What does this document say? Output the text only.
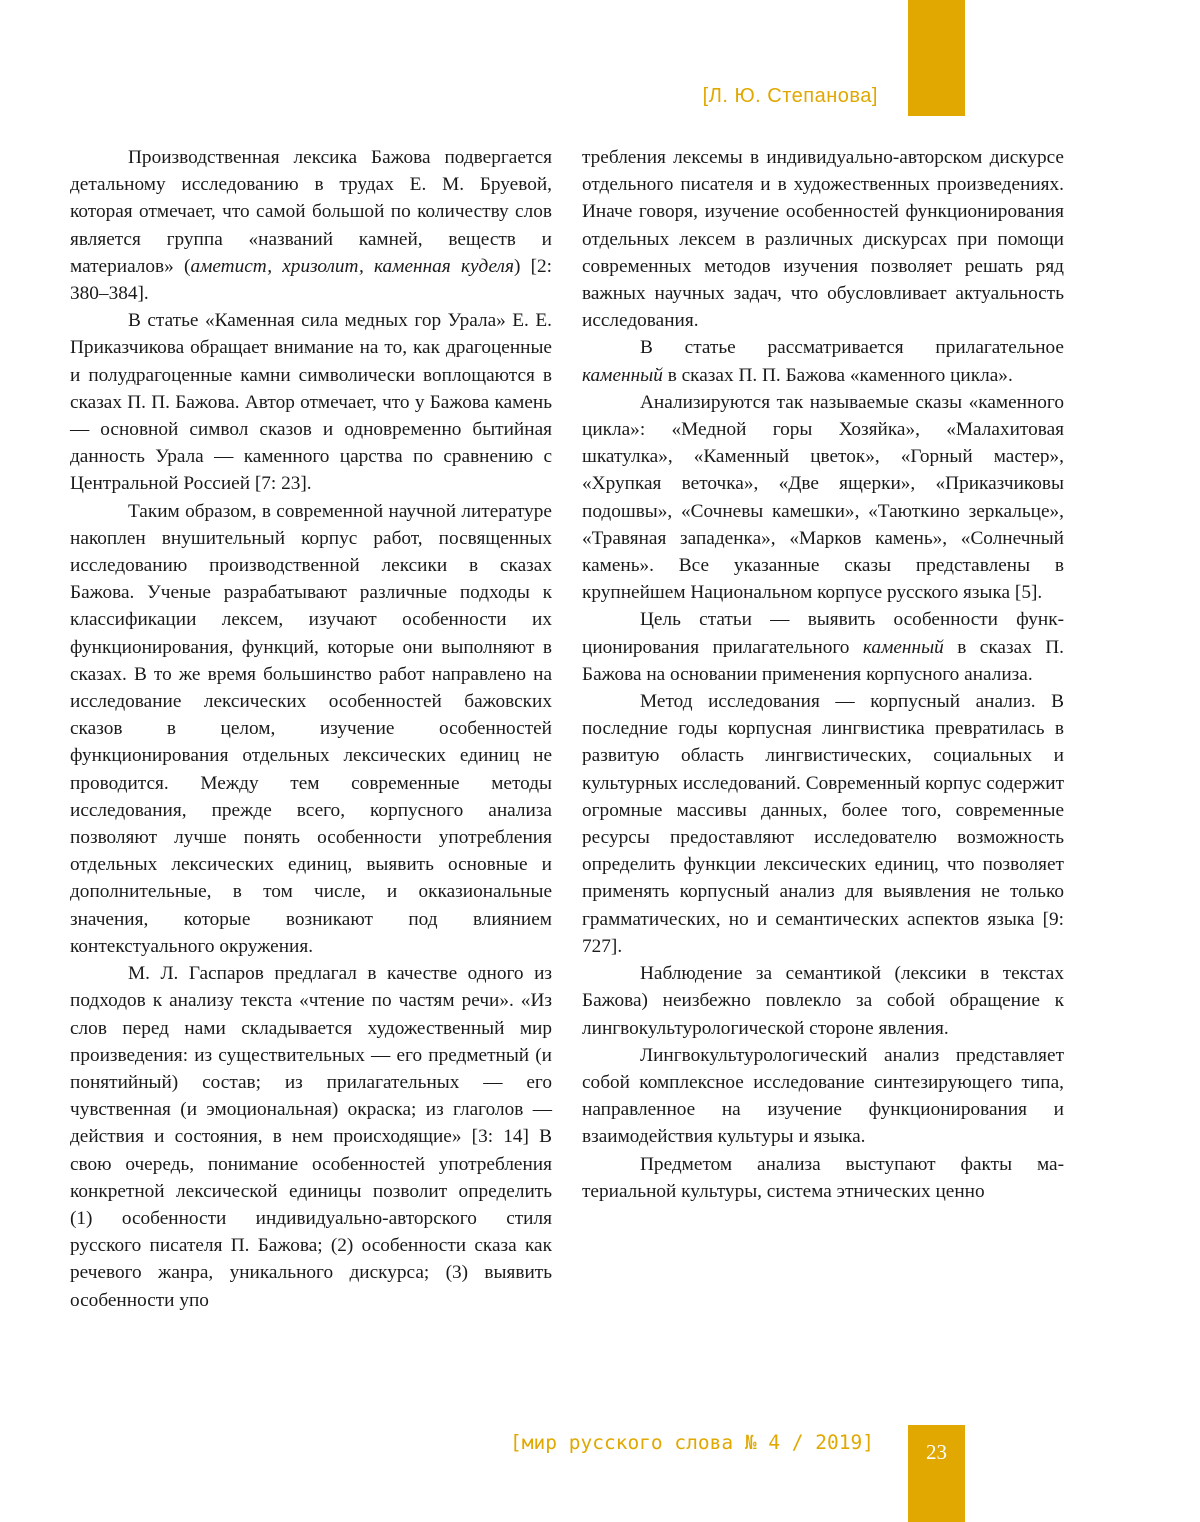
[Л. Ю. Степанова]

Производственная лексика Бажова подвергается детальному исследованию в трудах Е. М. Бруевой, которая отмечает, что самой большой по количеству слов является группа «названий камней, веществ и материалов» (аметист, хризолит, каменная куделя) [2: 380–384].

В статье «Каменная сила медных гор Урала» Е. Е. Приказчикова обращает внимание на то, как драгоценные и полудрагоценные камни символически воплощаются в сказах П. П. Бажова. Автор отмечает, что у Бажова камень — основной символ сказов и одновременно бытийная данность Урала — каменного царства по сравнению с Центральной Россией [7: 23].

Таким образом, в современной научной литературе накоплен внушительный корпус работ, посвященных исследованию производственной лексики в сказах Бажова. Ученые разрабатывают различные подходы к классификации лексем, изучают особенности их функционирования, функций, которые они выполняют в сказах. В то же время большинство работ направлено на исследование лексических особенностей бажовских сказов в целом, изучение особенностей функционирования отдельных лексических единиц не проводится. Между тем современные методы исследования, прежде всего, корпусного анализа позволяют лучше понять особенности употребления отдельных лексических единиц, выявить основные и дополнительные, в том числе, и окказиональные значения, которые возникают под влиянием контекстуального окружения.

М. Л. Гаспаров предлагал в качестве одного из подходов к анализу текста «чтение по частям речи». «Из слов перед нами складывается художественный мир произведения: из существительных — его предметный (и понятийный) состав; из прилагательных — его чувственная (и эмоциональная) окраска; из глаголов — действия и состояния, в нем происходящие» [3: 14] В свою очередь, понимание особенностей употребления конкретной лексической единицы позволит определить (1) особенности индивидуально-авторского стиля русского писателя П. Бажова; (2) особенности сказа как речевого жанра, уникального дискурса; (3) выявить особенности упо

требления лексемы в индивидуально-авторском дискурсе отдельного писателя и в художественных произведениях. Иначе говоря, изучение особенностей функционирования отдельных лексем в различных дискурсах при помощи современных методов изучения позволяет решать ряд важных научных задач, что обусловливает актуальность исследования.

В статье рассматривается прилагательное каменный в сказах П. П. Бажова «каменного цикла».

Анализируются так называемые сказы «каменного цикла»: «Медной горы Хозяйка», «Малахитовая шкатулка», «Каменный цветок», «Горный мастер», «Хрупкая веточка», «Две ящерки», «Приказчиковы подошвы», «Сочневы камешки», «Таюткино зеркальце», «Травяная западенка», «Марков камень», «Солнечный камень». Все указанные сказы представлены в крупнейшем Национальном корпусе русского языка [5].

Цель статьи — выявить особенности функционирования прилагательного каменный в сказах П. Бажова на основании применения корпусного анализа.

Метод исследования — корпусный анализ. В последние годы корпусная лингвистика превратилась в развитую область лингвистических, социальных и культурных исследований. Современный корпус содержит огромные массивы данных, более того, современные ресурсы предоставляют исследователю возможность определить функции лексических единиц, что позволяет применять корпусный анализ для выявления не только грамматических, но и семантических аспектов языка [9: 727].

Наблюдение за семантикой (лексики в текстах Бажова) неизбежно повлекло за собой обращение к лингвокультурологической стороне явления.

Лингвокультурологический анализ представляет собой комплексное исследование синтезирующего типа, направленное на изучение функционирования и взаимодействия культуры и языка.

Предметом анализа выступают факты материальной культуры, система этнических ценно

[мир русского слова № 4 / 2019]	23
